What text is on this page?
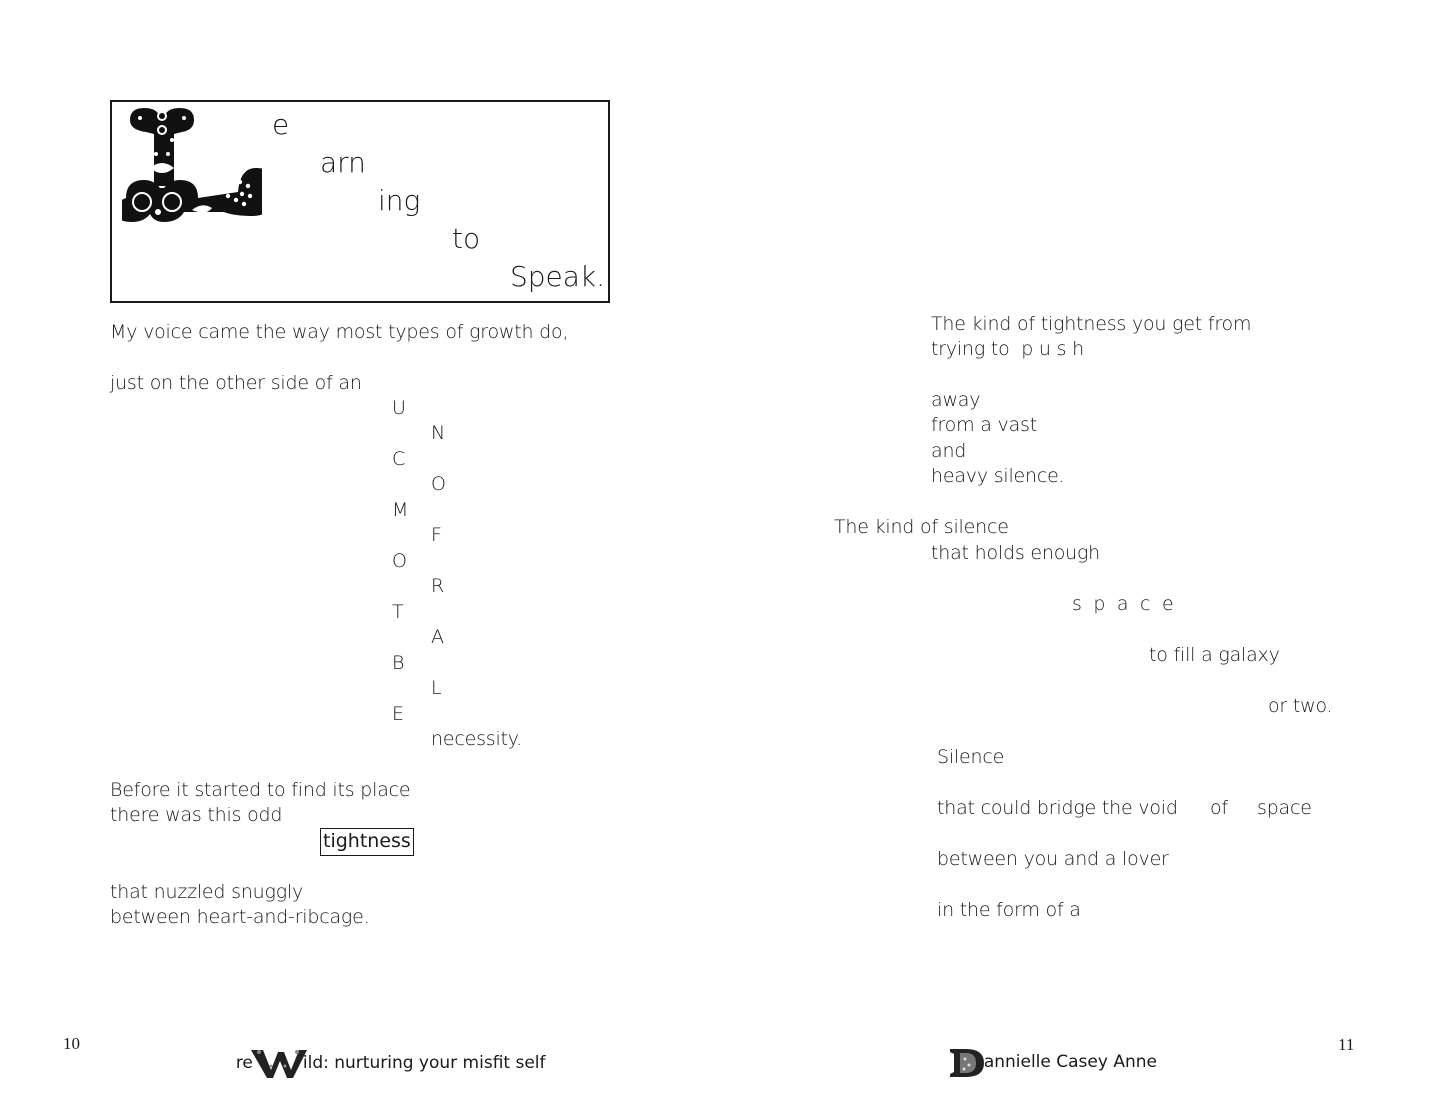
e
arn
ing
to
Speak.
My voice came the way most types of growth do,
just on the other side of an
U
C
M
O
T
B
E
N
O
F
R
A
L
necessity.
Before it started to find its place
there was this odd
tightness
that nuzzled snuggly
between heart-and-ribcage.
10

re	ild: nurturing your misfit self

The kind of tightness you get from
trying to  p u s h
away
from a vast
and
heavy silence.
The kind of silence
that holds enough
s  p  a  c  e
to fill a galaxy
or two.
Silence
that could bridge the void of space
between you and a lover
in the form of a

annielle Casey Anne

11
